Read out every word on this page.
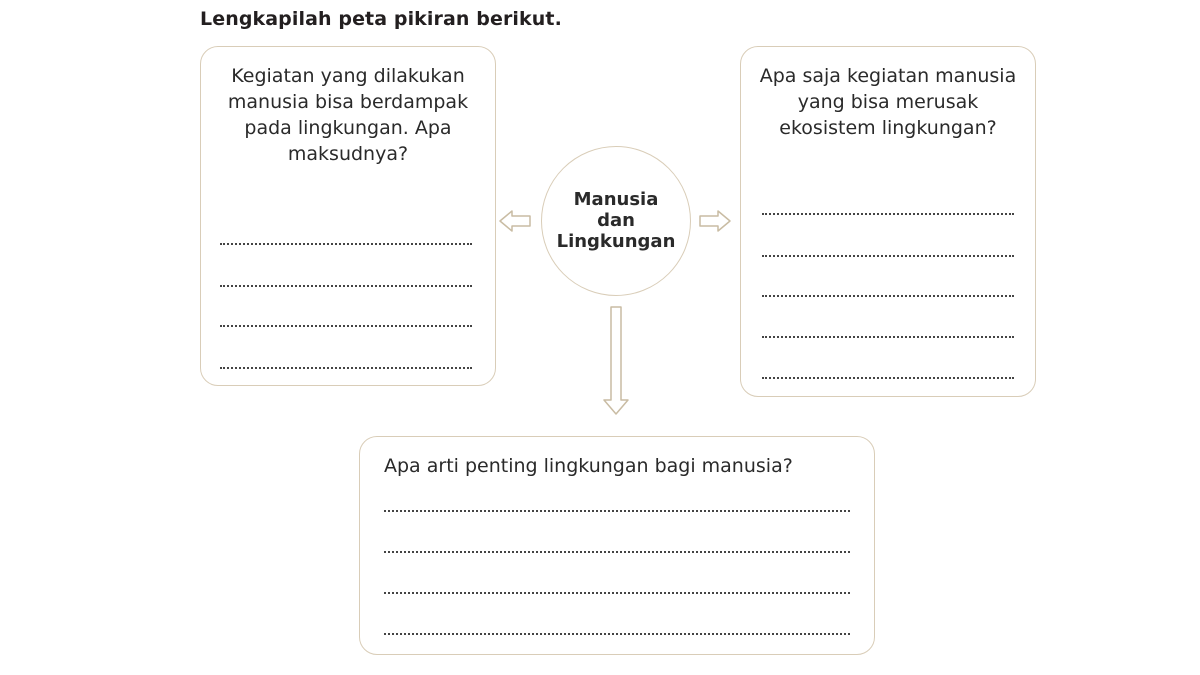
Lengkapilah peta pikiran berikut.
Kegiatan yang dilakukan manusia bisa berdampak pada lingkungan. Apa maksudnya?
Apa saja kegiatan manusia yang bisa merusak ekosistem lingkungan?
Apa arti penting lingkungan bagi manusia?
Manusia
dan
Lingkungan
